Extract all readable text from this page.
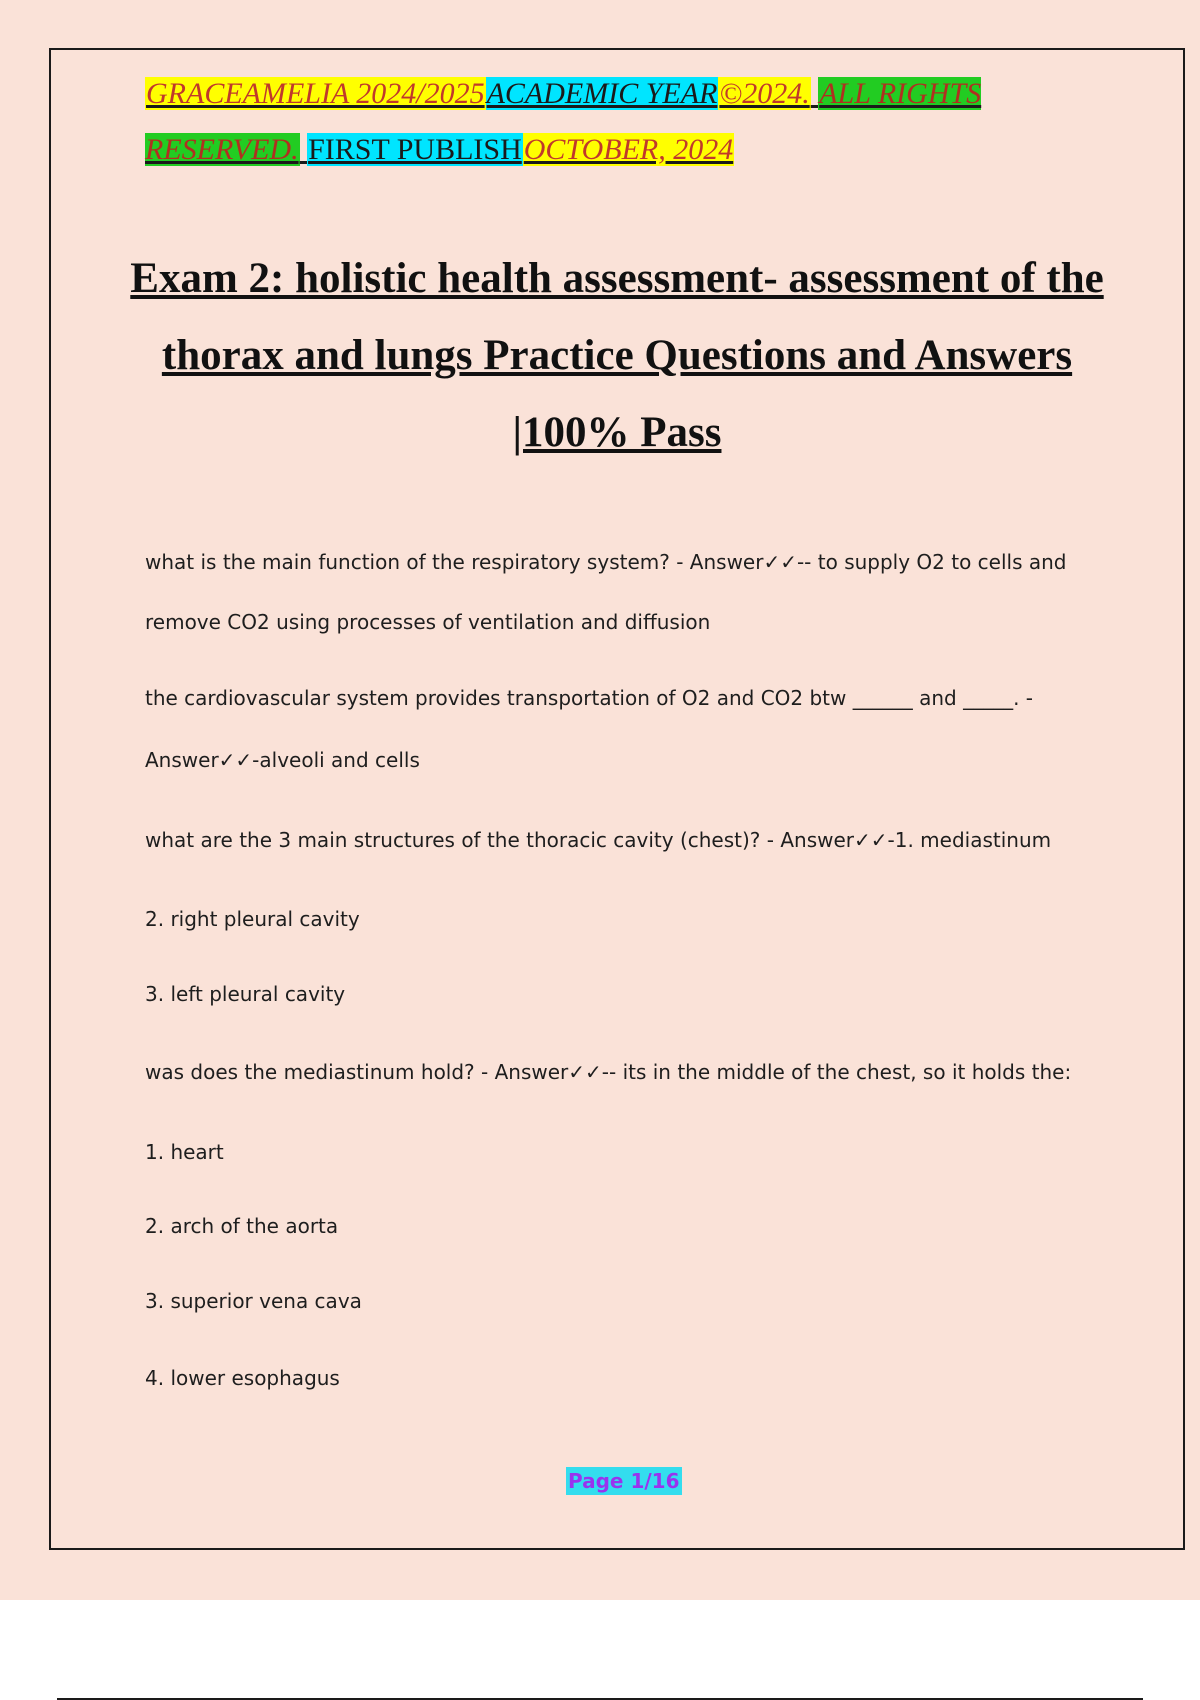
GRACEAMELIA 2024/2025ACADEMIC YEAR©2024. ALL RIGHTS RESERVED. FIRST PUBLISHOCTOBER, 2024
Exam 2: holistic health assessment- assessment of the thorax and lungs Practice Questions and Answers |100% Pass
what is the main function of the respiratory system? - Answer✓✓-- to supply O2 to cells and
remove CO2 using processes of ventilation and diffusion
the cardiovascular system provides transportation of O2 and CO2 btw ______ and _____. -
Answer✓✓-alveoli and cells
what are the 3 main structures of the thoracic cavity (chest)? - Answer✓✓-1. mediastinum
2. right pleural cavity
3. left pleural cavity
was does the mediastinum hold? - Answer✓✓-- its in the middle of the chest, so it holds the:
1. heart
2. arch of the aorta
3. superior vena cava
4. lower esophagus
Page 1/16
